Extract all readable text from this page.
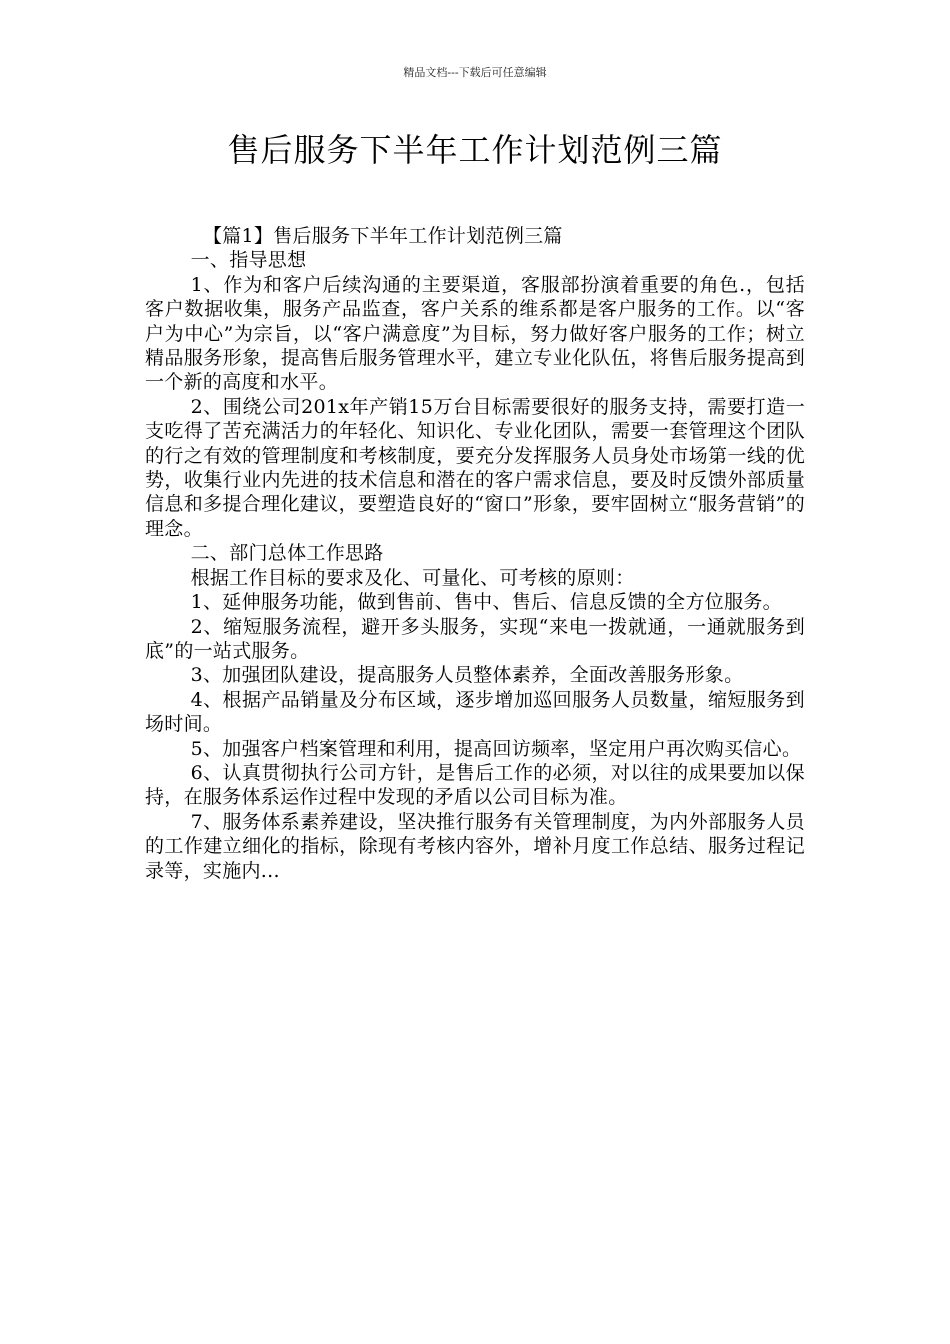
精品文档---下载后可任意编辑
售后服务下半年工作计划范例三篇

【篇1】售后服务下半年工作计划范例三篇

一、指导思想

1、作为和客户后续沟通的主要渠道，客服部扮演着重要的角色.，包括客户数据收集，服务产品监查，客户关系的维系都是客户服务的工作。以“客户为中心”为宗旨，以“客户满意度”为目标，努力做好客户服务的工作；树立精品服务形象，提高售后服务管理水平，建立专业化队伍，将售后服务提高到一个新的高度和水平。

2、围绕公司201x年产销15万台目标需要很好的服务支持，需要打造一支吃得了苦充满活力的年轻化、知识化、专业化团队，需要一套管理这个团队的行之有效的管理制度和考核制度，要充分发挥服务人员身处市场第一线的优势，收集行业内先进的技术信息和潜在的客户需求信息，要及时反馈外部质量信息和多提合理化建议，要塑造良好的“窗口”形象，要牢固树立“服务营销”的理念。

二、部门总体工作思路

根据工作目标的要求及化、可量化、可考核的原则：

1、延伸服务功能，做到售前、售中、售后、信息反馈的全方位服务。

2、缩短服务流程，避开多头服务，实现“来电一拨就通，一通就服务到底”的一站式服务。

3、加强团队建设，提高服务人员整体素养，全面改善服务形象。

4、根据产品销量及分布区域，逐步增加巡回服务人员数量，缩短服务到场时间。

5、加强客户档案管理和利用，提高回访频率，坚定用户再次购买信心。

6、认真贯彻执行公司方针，是售后工作的必须，对以往的成果要加以保持，在服务体系运作过程中发现的矛盾以公司目标为准。

7、服务体系素养建设，坚决推行服务有关管理制度，为内外部服务人员的工作建立细化的指标，除现有考核内容外，增补月度工作总结、服务过程记录等，实施内...
